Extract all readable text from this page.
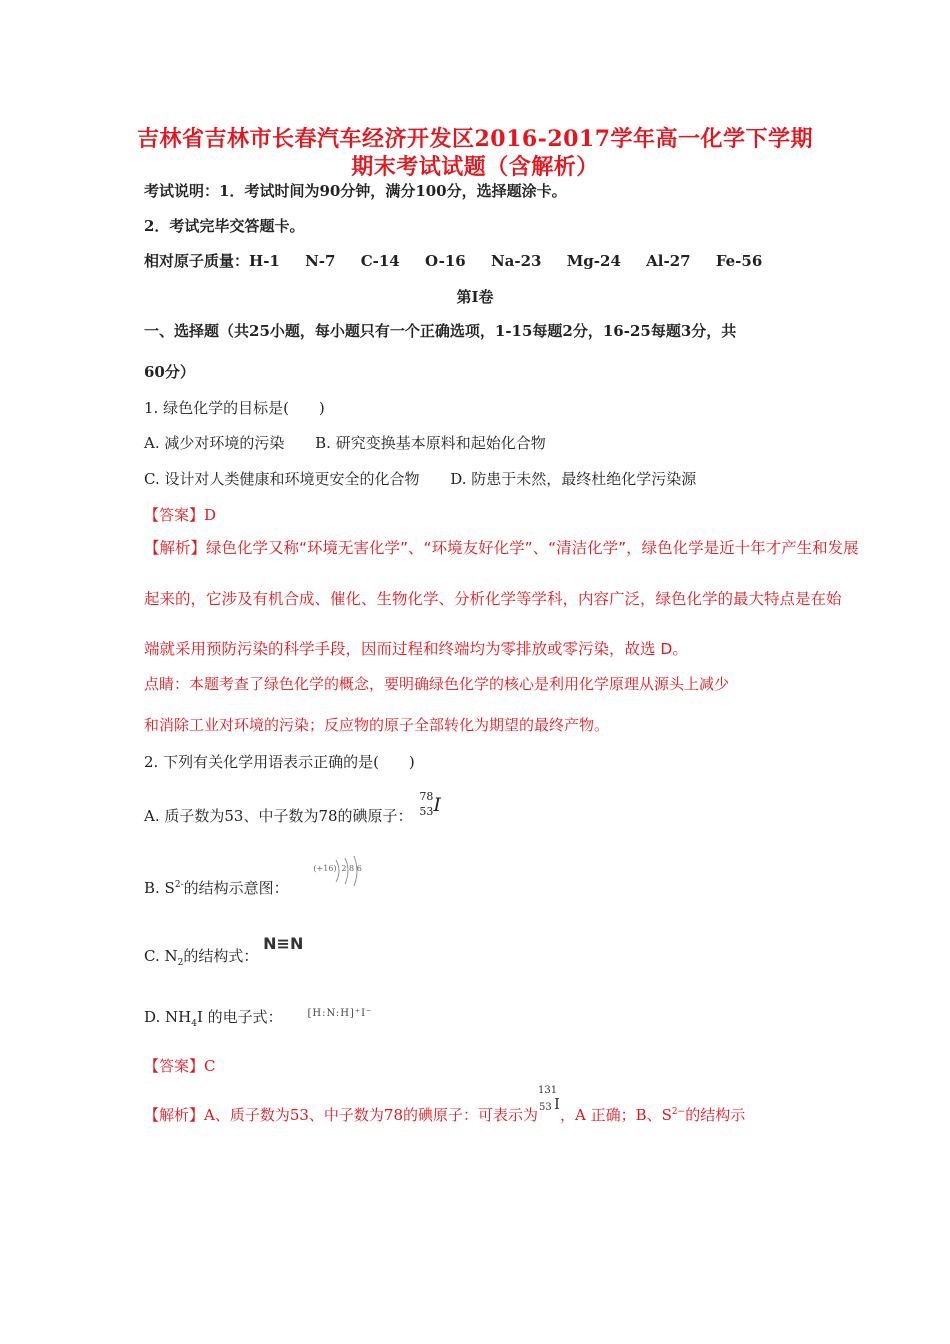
吉林省吉林市长春汽车经济开发区2016-2017学年高一化学下学期
期末考试试题（含解析）
考试说明：1．考试时间为90分钟，满分100分，选择题涂卡。
2．考试完毕交答题卡。
相对原子质量：H-1 N-7 C-14 O-16 Na-23 Mg-24 Al-27 Fe-56
第Ⅰ卷
一、选择题（共25小题，每小题只有一个正确选项，1-15每题2分，16-25每题3分，共
60分）
1. 绿色化学的目标是(　　)
A. 减少对环境的污染 B. 研究变换基本原料和起始化合物
C. 设计对人类健康和环境更安全的化合物 D. 防患于未然，最终杜绝化学污染源
【答案】D
【解析】绿色化学又称“环境无害化学”、“环境友好化学”、“清洁化学”，绿色化学是近十年才产生和发展
起来的，它涉及有机合成、催化、生物化学、分析化学等学科，内容广泛，绿色化学的最大特点是在始
端就采用预防污染的科学手段，因而过程和终端均为零排放或零污染，故选 D。
点睛：本题考查了绿色化学的概念，要明确绿色化学的核心是利用化学原理从源头上减少
和消除工业对环境的污染；反应物的原子全部转化为期望的最终产物。
2. 下列有关化学用语表示正确的是(　　)
A. 质子数为53、中子数为78的碘原子：
78
53 I
B. $S^{2-}$的结构示意图：
(+16) 2 8 6
C. $N_2$的结构式： N≡N
D. $NH_4I$ 的电子式： [H:N:H]⁺I⁻
【答案】C
【解析】A、质子数为53、中子数为78的碘原子：可表示为
131
53 I
，A 正确；B、$S^{2-}$的结构示
